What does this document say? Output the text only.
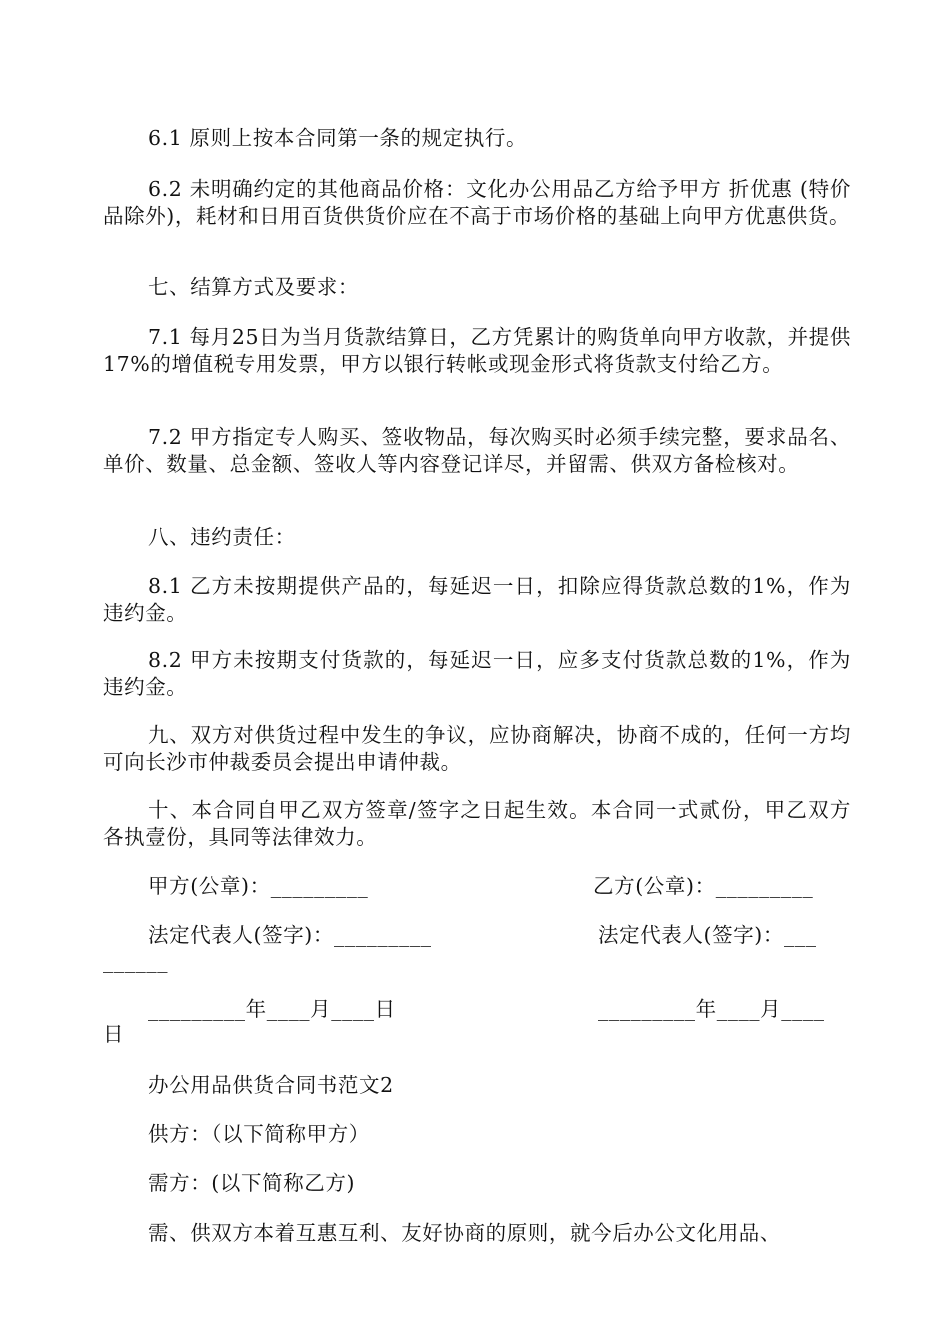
6.1 原则上按本合同第一条的规定执行。
6.2 未明确约定的其他商品价格：文化办公用品乙方给予甲方 折优惠 (特价品除外)，耗材和日用百货供货价应在不高于市场价格的基础上向甲方优惠供货。
七、结算方式及要求：
7.1 每月25日为当月货款结算日，乙方凭累计的购货单向甲方收款，并提供17%的增值税专用发票，甲方以银行转帐或现金形式将货款支付给乙方。
7.2 甲方指定专人购买、签收物品，每次购买时必须手续完整，要求品名、单价、数量、总金额、签收人等内容登记详尽，并留需、供双方备检核对。
八、违约责任：
8.1 乙方未按期提供产品的，每延迟一日，扣除应得货款总数的1%，作为违约金。
8.2 甲方未按期支付货款的，每延迟一日，应多支付货款总数的1%，作为违约金。
九、双方对供货过程中发生的争议，应协商解决，协商不成的，任何一方均可向长沙市仲裁委员会提出申请仲裁。
十、本合同自甲乙双方签章/签字之日起生效。本合同一式贰份，甲乙双方各执壹份，具同等法律效力。
甲方(公章)：_________	乙方(公章)：_________
法定代表人(签字)：_________	法定代表人(签字)：___
______
_________年____月____日	_________年____月____
日
办公用品供货合同书范文2
供方：（以下简称甲方）
需方：(以下简称乙方)
需、供双方本着互惠互利、友好协商的原则，就今后办公文化用品、
